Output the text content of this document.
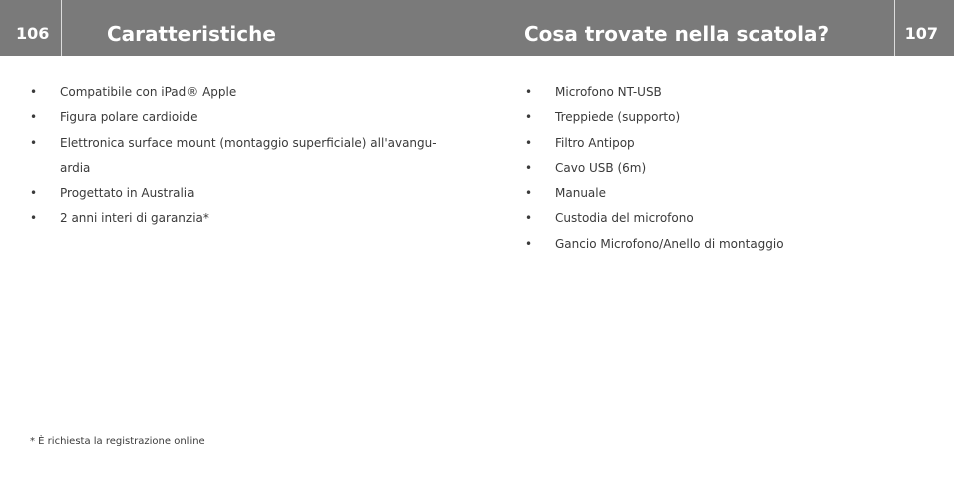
106	Caratteristiche	Cosa trovate nella scatola?	107
• Compatibile con iPad® Apple
• Figura polare cardioide
• Elettronica surface mount (montaggio superficiale) all'avangu-ardia
• Progettato in Australia
• 2 anni interi di garanzia*
• Microfono NT-USB
• Treppiede (supporto)
• Filtro Antipop
• Cavo USB (6m)
• Manuale
• Custodia del microfono
• Gancio Microfono/Anello di montaggio
* È richiesta la registrazione online
